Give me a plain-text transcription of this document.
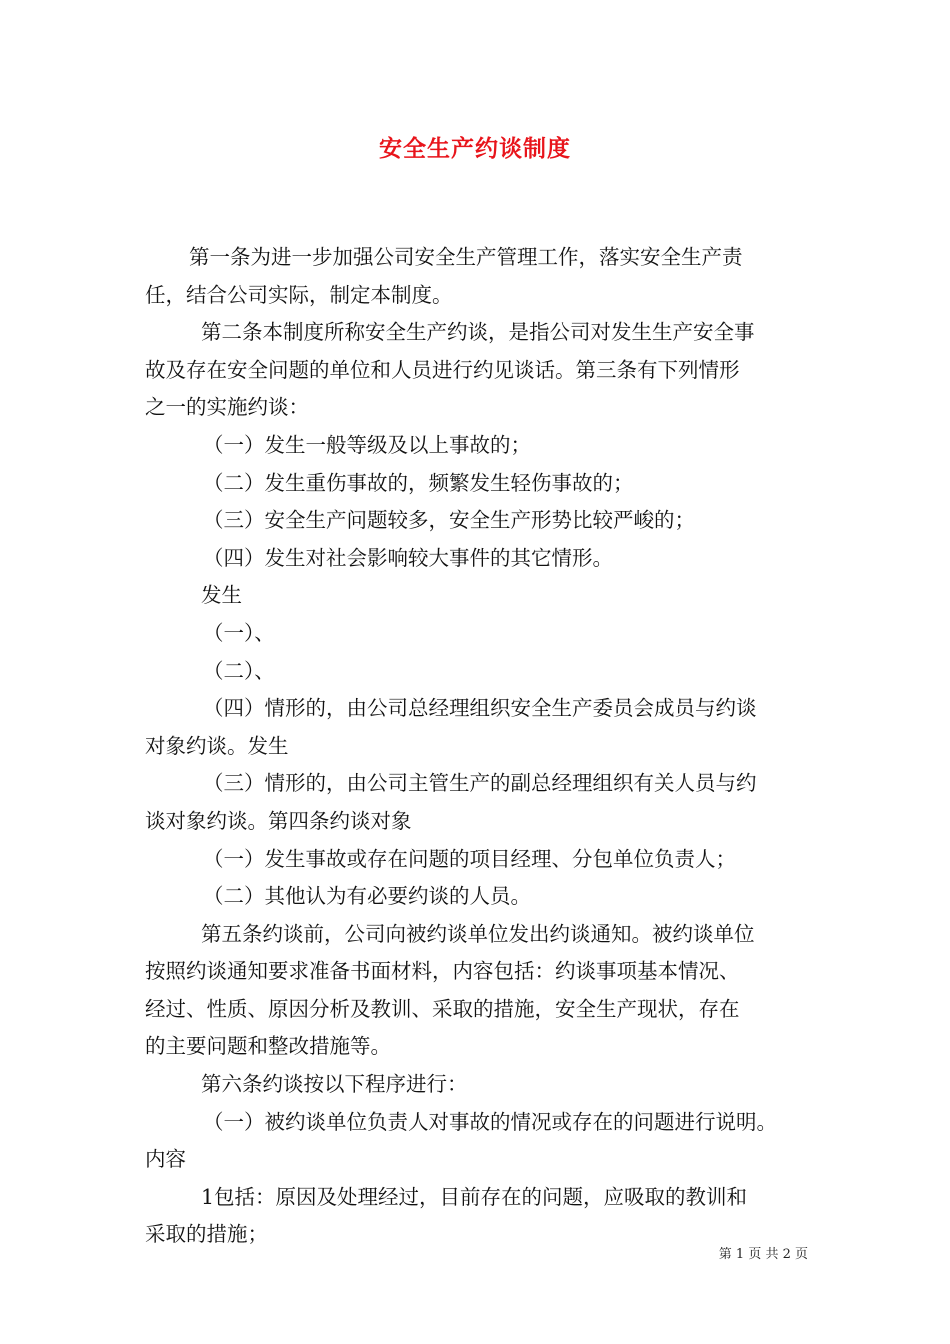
安全生产约谈制度
第一条为进一步加强公司安全生产管理工作，落实安全生产责
任，结合公司实际，制定本制度。
第二条本制度所称安全生产约谈，是指公司对发生生产安全事
故及存在安全问题的单位和人员进行约见谈话。第三条有下列情形
之一的实施约谈：
（一）发生一般等级及以上事故的；
（二）发生重伤事故的，频繁发生轻伤事故的；
（三）安全生产问题较多，安全生产形势比较严峻的；
（四）发生对社会影响较大事件的其它情形。
发生
（一）、
（二）、
（四）情形的，由公司总经理组织安全生产委员会成员与约谈
对象约谈。发生
（三）情形的，由公司主管生产的副总经理组织有关人员与约
谈对象约谈。第四条约谈对象
（一）发生事故或存在问题的项目经理、分包单位负责人；
（二）其他认为有必要约谈的人员。
第五条约谈前，公司向被约谈单位发出约谈通知。被约谈单位
按照约谈通知要求准备书面材料，内容包括：约谈事项基本情况、
经过、性质、原因分析及教训、采取的措施，安全生产现状，存在
的主要问题和整改措施等。
第六条约谈按以下程序进行：
（一）被约谈单位负责人对事故的情况或存在的问题进行说明。
内容
1包括：原因及处理经过，目前存在的问题，应吸取的教训和
采取的措施；
第 1 页 共 2 页
